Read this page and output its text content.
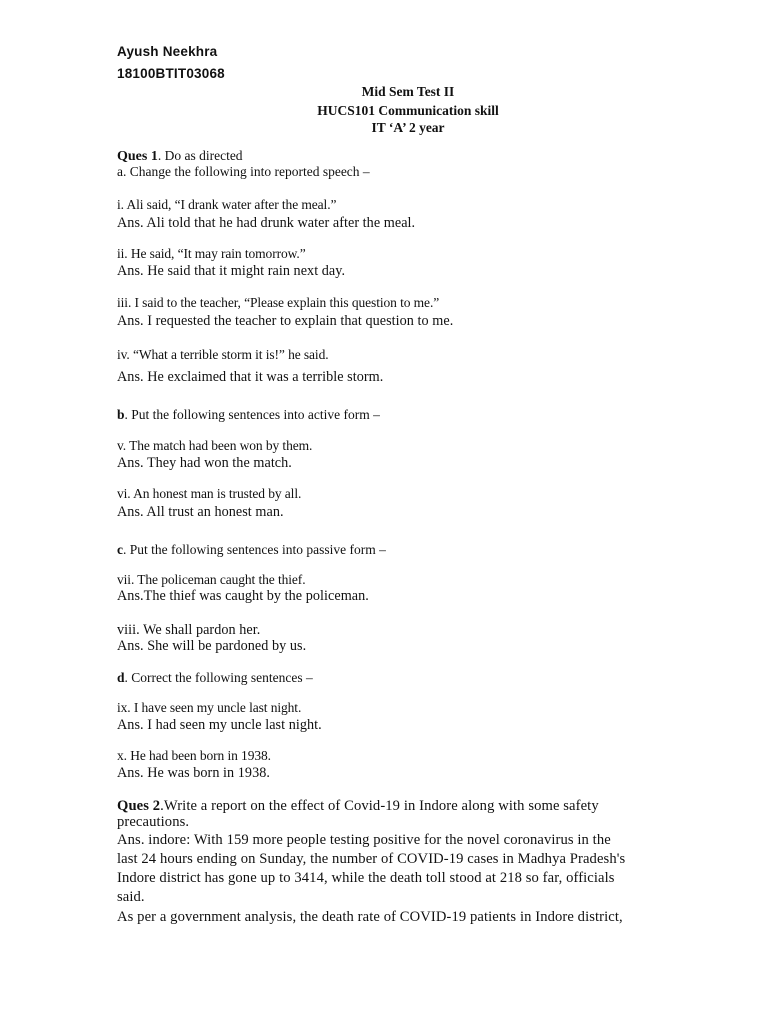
Ayush Neekhra
18100BTIT03068
Mid Sem Test II
HUCS101 Communication skill
IT ‘A’ 2 year
Ques 1. Do as directed
a. Change the following into reported speech –
i. Ali said, “I drank water after the meal.”
Ans. Ali told that he had drunk water after the meal.
ii. He said, “It may rain tomorrow.”
Ans. He said that it might rain next day.
iii. I said to the teacher, “Please explain this question to me.”
Ans. I requested the teacher to explain that question to me.
iv. “What a terrible storm it is!” he said.
Ans. He exclaimed that it was a terrible storm.
b. Put the following sentences into active form –
v. The match had been won by them.
Ans. They had won the match.
vi. An honest man is trusted by all.
Ans. All trust an honest man.
c. Put the following sentences into passive form –
vii. The policeman caught the thief.
Ans.The thief was caught by the policeman.
viii. We shall pardon her.
Ans. She will be pardoned by us.
d. Correct the following sentences –
ix. I have seen my uncle last night.
Ans. I had seen my uncle last night.
x. He had been born in 1938.
Ans. He was born in 1938.
Ques 2.Write a report on the effect of Covid-19 in Indore along with some safety
precautions.
Ans. indore: With 159 more people testing positive for the novel coronavirus in the
last 24 hours ending on Sunday, the number of COVID-19 cases in Madhya Pradesh's
Indore district has gone up to 3414, while the death toll stood at 218 so far, officials
said.
As per a government analysis, the death rate of COVID-19 patients in Indore district,
